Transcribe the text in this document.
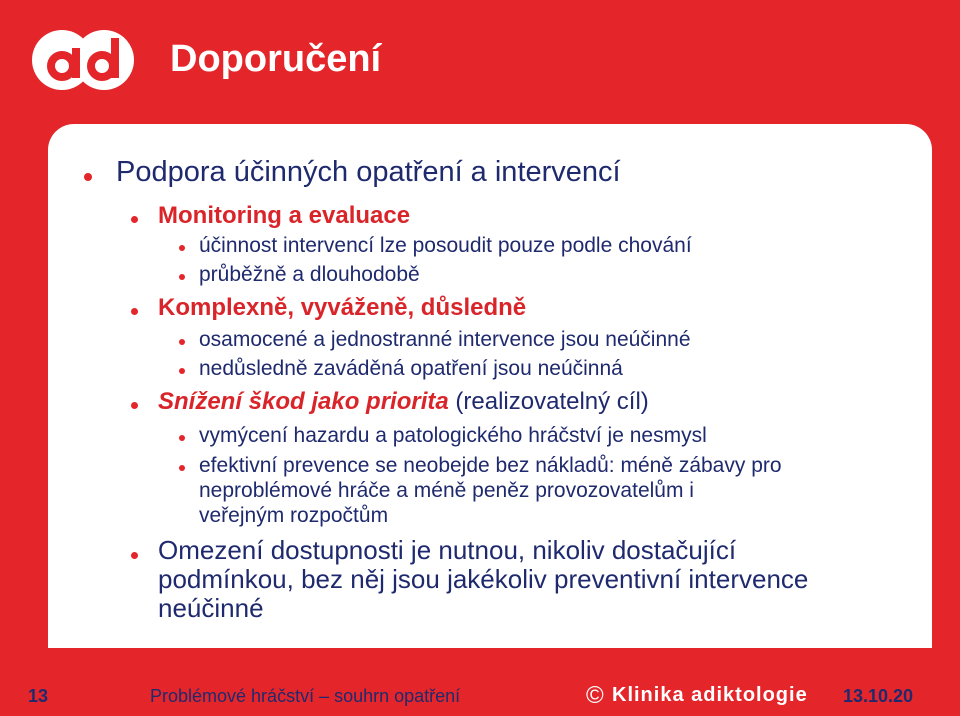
Doporučení
Podpora účinných opatření a intervencí
Monitoring a evaluace
účinnost intervencí lze posoudit pouze podle chování
průběžně a dlouhodobě
Komplexně, vyváženě, důsledně
osamocené a jednostranné intervence jsou neúčinné
nedůsledně zaváděná opatření jsou neúčinná
Snížení škod jako priorita (realizovatelný cíl)
vymýcení hazardu a patologického hráčství je nesmysl
efektivní prevence se neobejde bez nákladů: méně zábavy pro
neproblémové hráče a méně peněz provozovatelům i
veřejným rozpočtům
Omezení dostupnosti je nutnou, nikoliv dostačující
podmínkou, bez něj jsou jakékoliv preventivní intervence
neúčinné
13	Problémové hráčství – souhrn opatření	© Klinika adiktologie 13.10.20
